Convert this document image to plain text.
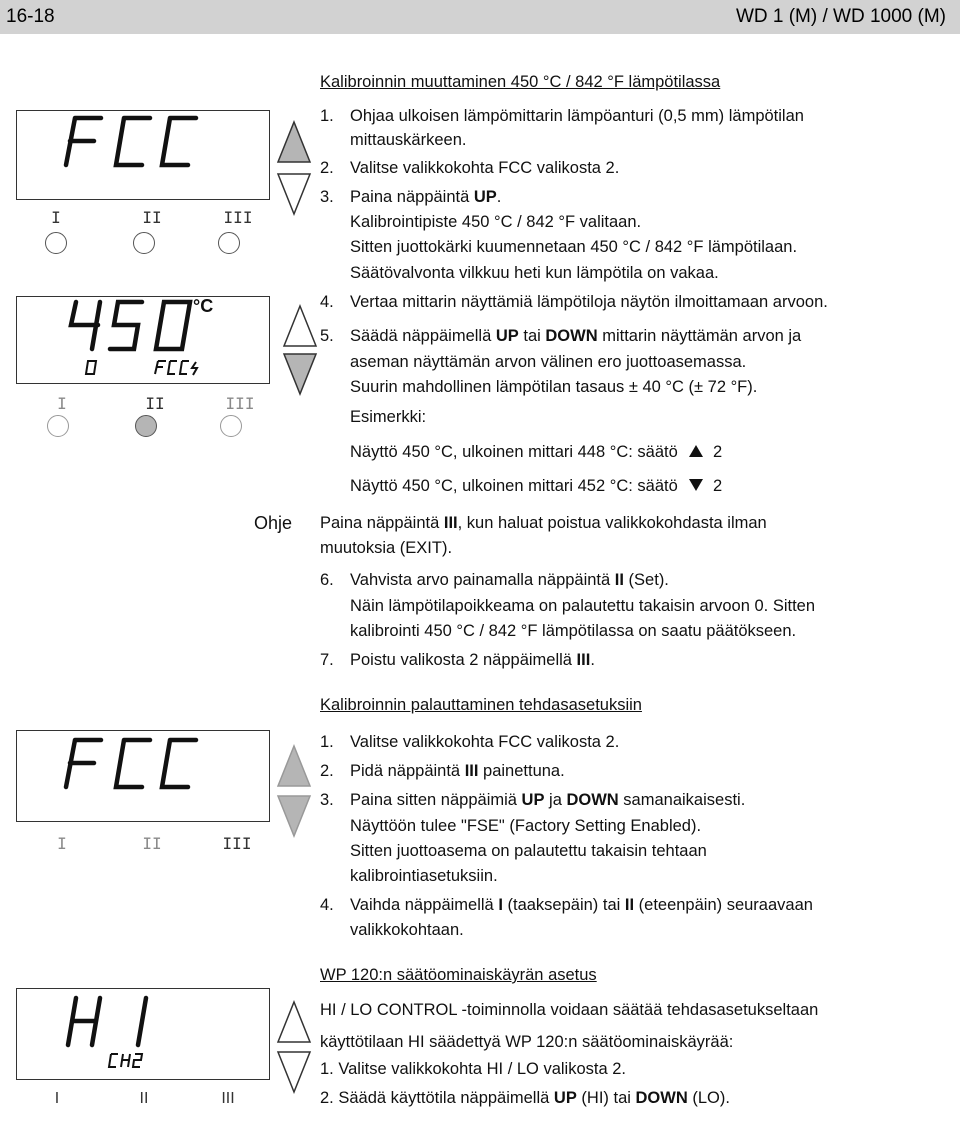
16-18	WD 1 (M) / WD 1000 (M)
I	II	III
°C
I	II	III
I	II	III
I	II	III
Kalibroinnin muuttaminen 450 °C / 842 °F lämpötilassa
1. Ohjaa ulkoisen lämpömittarin lämpöanturi (0,5 mm) lämpötilan
mittauskärkeen.
2. Valitse valikkokohta FCC valikosta 2.
3. Paina näppäintä UP.
Kalibrointipiste 450 °C / 842 °F valitaan.
Sitten juottokärki kuumennetaan 450 °C / 842 °F lämpötilaan.
Säätövalvonta vilkkuu heti kun lämpötila on vakaa.
4. Vertaa mittarin näyttämiä lämpötiloja näytön ilmoittamaan arvoon.
5. Säädä näppäimellä UP tai DOWN mittarin näyttämän arvon ja
aseman näyttämän arvon välinen ero juottoasemassa.
Suurin mahdollinen lämpötilan tasaus ± 40 °C (± 72 °F).
Esimerkki:
Näyttö 450 °C, ulkoinen mittari 448 °C: säätö 2
Näyttö 450 °C, ulkoinen mittari 452 °C: säätö 2
Ohje Paina näppäintä III, kun haluat poistua valikkokohdasta ilman
muutoksia (EXIT).
6. Vahvista arvo painamalla näppäintä II (Set).
Näin lämpötilapoikkeama on palautettu takaisin arvoon 0. Sitten
kalibrointi 450 °C / 842 °F lämpötilassa on saatu päätökseen.
7. Poistu valikosta 2 näppäimellä III.
Kalibroinnin palauttaminen tehdasasetuksiin
1. Valitse valikkokohta FCC valikosta 2.
2. Pidä näppäintä III painettuna.
3. Paina sitten näppäimiä UP ja DOWN samanaikaisesti.
Näyttöön tulee "FSE" (Factory Setting Enabled).
Sitten juottoasema on palautettu takaisin tehtaan
kalibrointiasetuksiin.
4. Vaihda näppäimellä I (taaksepäin) tai II (eteenpäin) seuraavaan
valikkokohtaan.
WP 120:n säätöominaiskäyrän asetus
HI / LO CONTROL -toiminnolla voidaan säätää tehdasasetukseltaan
käyttötilaan HI säädettyä WP 120:n säätöominaiskäyrää:
1. Valitse valikkokohta HI / LO valikosta 2.
2. Säädä käyttötila näppäimellä UP (HI) tai DOWN (LO).
